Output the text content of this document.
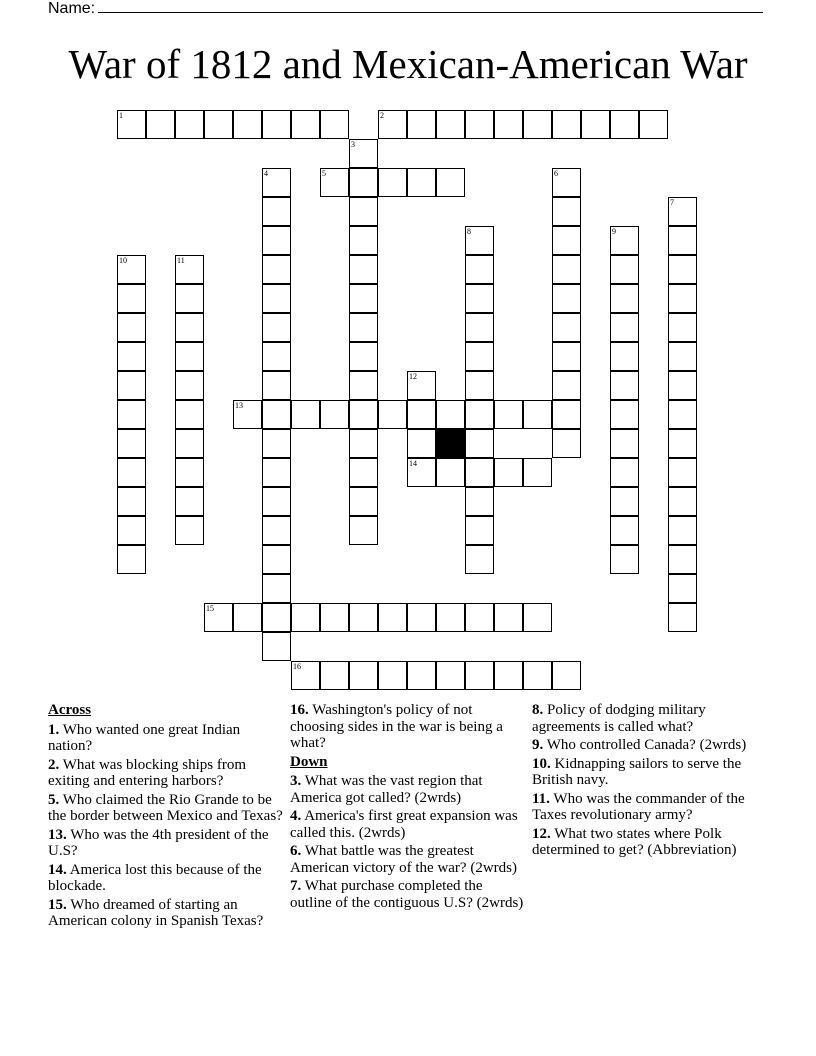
Name:
War of 1812 and Mexican-American War
1	2
5
13
14
15
16
3
4	6
7
8	9
10	11
12
Across
1. Who wanted one great Indian nation?
2. What was blocking ships from exiting and entering harbors?
5. Who claimed the Rio Grande to be the border between Mexico and Texas?
13. Who was the 4th president of the U.S?
14. America lost this because of the blockade.
15. Who dreamed of starting an American colony in Spanish Texas?
16. Washington's policy of not choosing sides in the war is being a what?
Down
3. What was the vast region that America got called? (2wrds)
4. America's first great expansion was called this. (2wrds)
6. What battle was the greatest American victory of the war? (2wrds)
7. What purchase completed the outline of the contiguous U.S? (2wrds)
8. Policy of dodging military agreements is called what?
9. Who controlled Canada? (2wrds)
10. Kidnapping sailors to serve the British navy.
11. Who was the commander of the Taxes revolutionary army?
12. What two states where Polk determined to get? (Abbreviation)
